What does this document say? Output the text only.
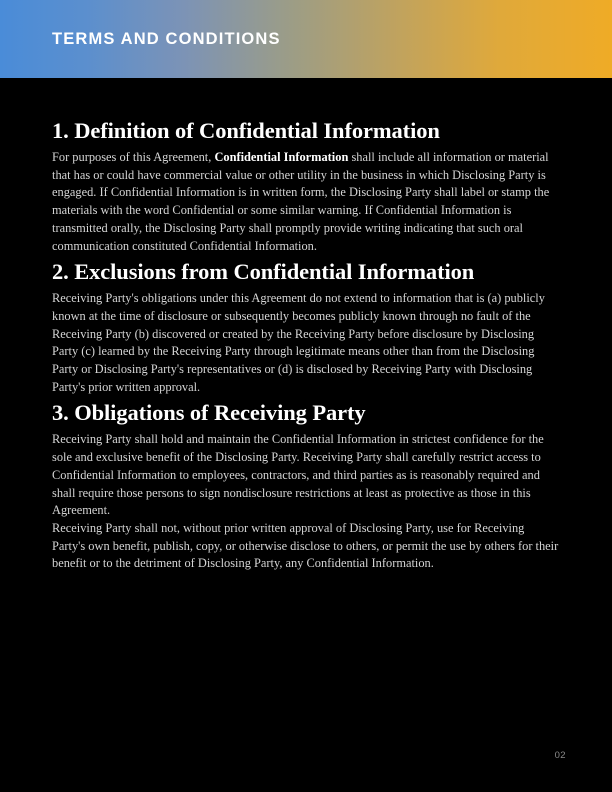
TERMS AND CONDITIONS
1. Definition of Confidential Information

For purposes of this Agreement, Confidential Information shall include all information or material that has or could have commercial value or other utility in the business in which Disclosing Party is engaged. If Confidential Information is in written form, the Disclosing Party shall label or stamp the materials with the word Confidential or some similar warning. If Confidential Information is transmitted orally, the Disclosing Party shall promptly provide writing indicating that such oral communication constituted Confidential Information.

2. Exclusions from Confidential Information

Receiving Party's obligations under this Agreement do not extend to information that is (a) publicly known at the time of disclosure or subsequently becomes publicly known through no fault of the Receiving Party (b) discovered or created by the Receiving Party before disclosure by Disclosing Party (c) learned by the Receiving Party through legitimate means other than from the Disclosing Party or Disclosing Party's representatives or (d) is disclosed by Receiving Party with Disclosing Party's prior written approval.

3. Obligations of Receiving Party

Receiving Party shall hold and maintain the Confidential Information in strictest confidence for the sole and exclusive benefit of the Disclosing Party. Receiving Party shall carefully restrict access to Confidential Information to employees, contractors, and third parties as is reasonably required and shall require those persons to sign nondisclosure restrictions at least as protective as those in this Agreement.

Receiving Party shall not, without prior written approval of Disclosing Party, use for Receiving Party's own benefit, publish, copy, or otherwise disclose to others, or permit the use by others for their benefit or to the detriment of Disclosing Party, any Confidential Information.

02
